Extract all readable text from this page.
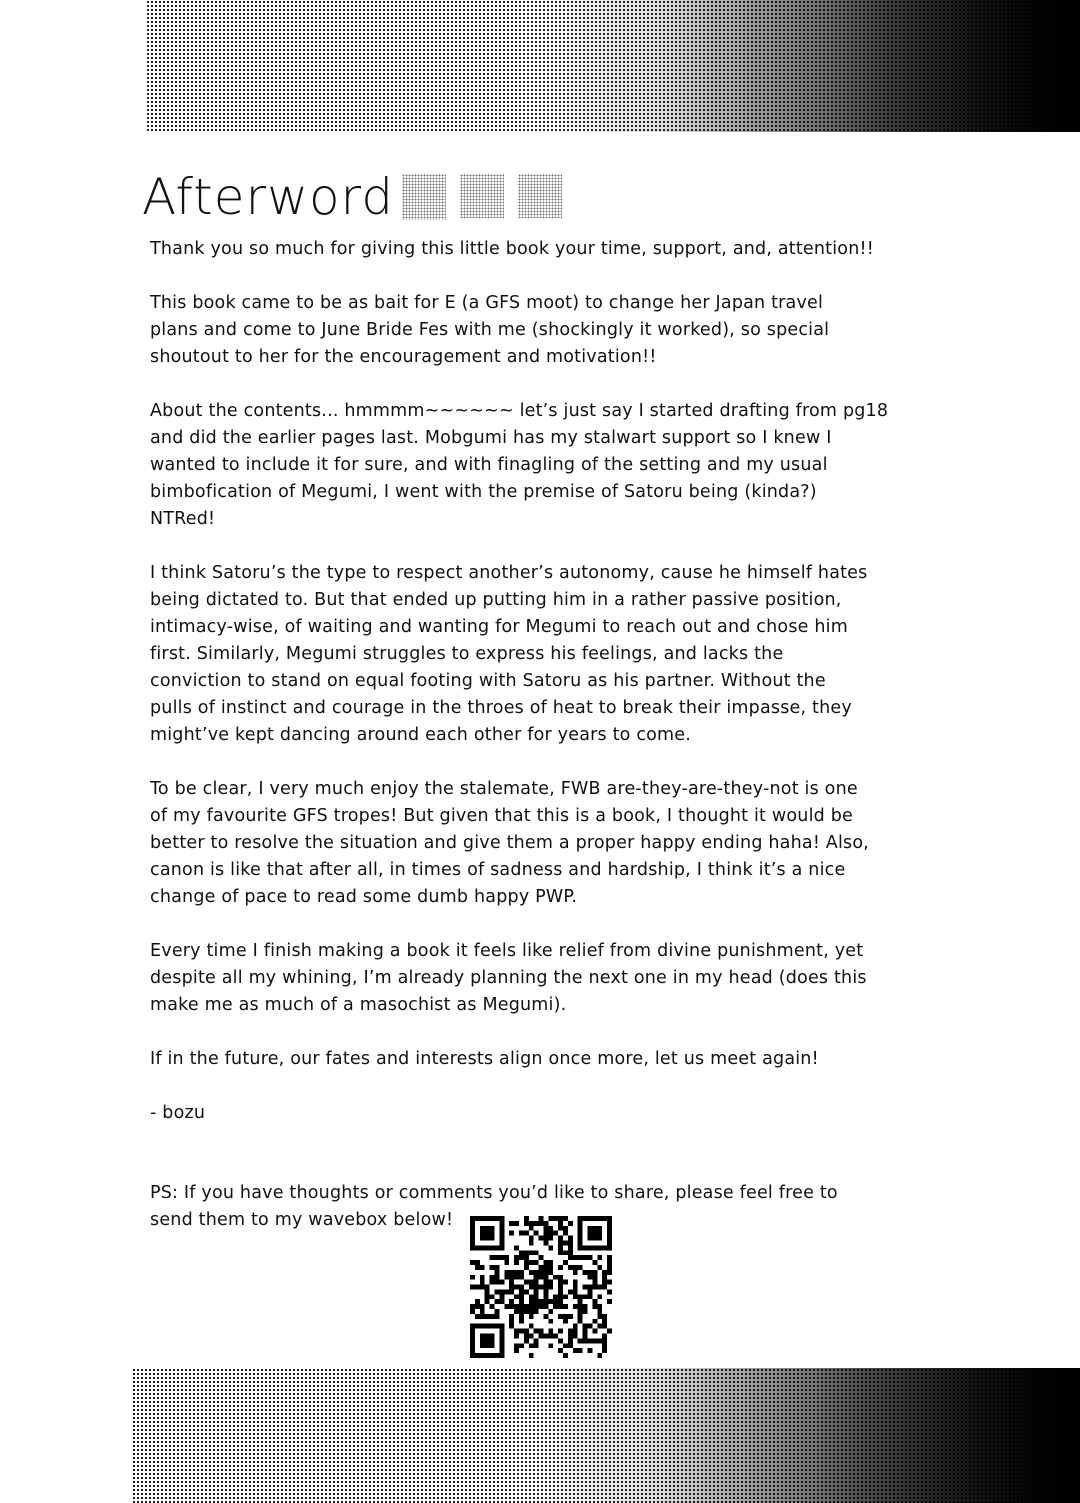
Afterword
Thank you so much for giving this little book your time, support, and, attention!!
This book came to be as bait for E (a GFS moot) to change her Japan travel
plans and come to June Bride Fes with me (shockingly it worked), so special
shoutout to her for the encouragement and motivation!!
About the contents... hmmmm~~~~~~ let’s just say I started drafting from pg18
and did the earlier pages last. Mobgumi has my stalwart support so I knew I
wanted to include it for sure, and with finagling of the setting and my usual
bimbofication of Megumi, I went with the premise of Satoru being (kinda?)
NTRed!
I think Satoru’s the type to respect another’s autonomy, cause he himself hates
being dictated to. But that ended up putting him in a rather passive position,
intimacy-wise, of waiting and wanting for Megumi to reach out and chose him
first. Similarly, Megumi struggles to express his feelings, and lacks the
conviction to stand on equal footing with Satoru as his partner. Without the
pulls of instinct and courage in the throes of heat to break their impasse, they
might’ve kept dancing around each other for years to come.
To be clear, I very much enjoy the stalemate, FWB are-they-are-they-not is one
of my favourite GFS tropes! But given that this is a book, I thought it would be
better to resolve the situation and give them a proper happy ending haha! Also,
canon is like that after all, in times of sadness and hardship, I think it’s a nice
change of pace to read some dumb happy PWP.
Every time I finish making a book it feels like relief from divine punishment, yet
despite all my whining, I’m already planning the next one in my head (does this
make me as much of a masochist as Megumi).
If in the future, our fates and interests align once more, let us meet again!
- bozu
PS: If you have thoughts or comments you’d like to share, please feel free to
send them to my wavebox below!
